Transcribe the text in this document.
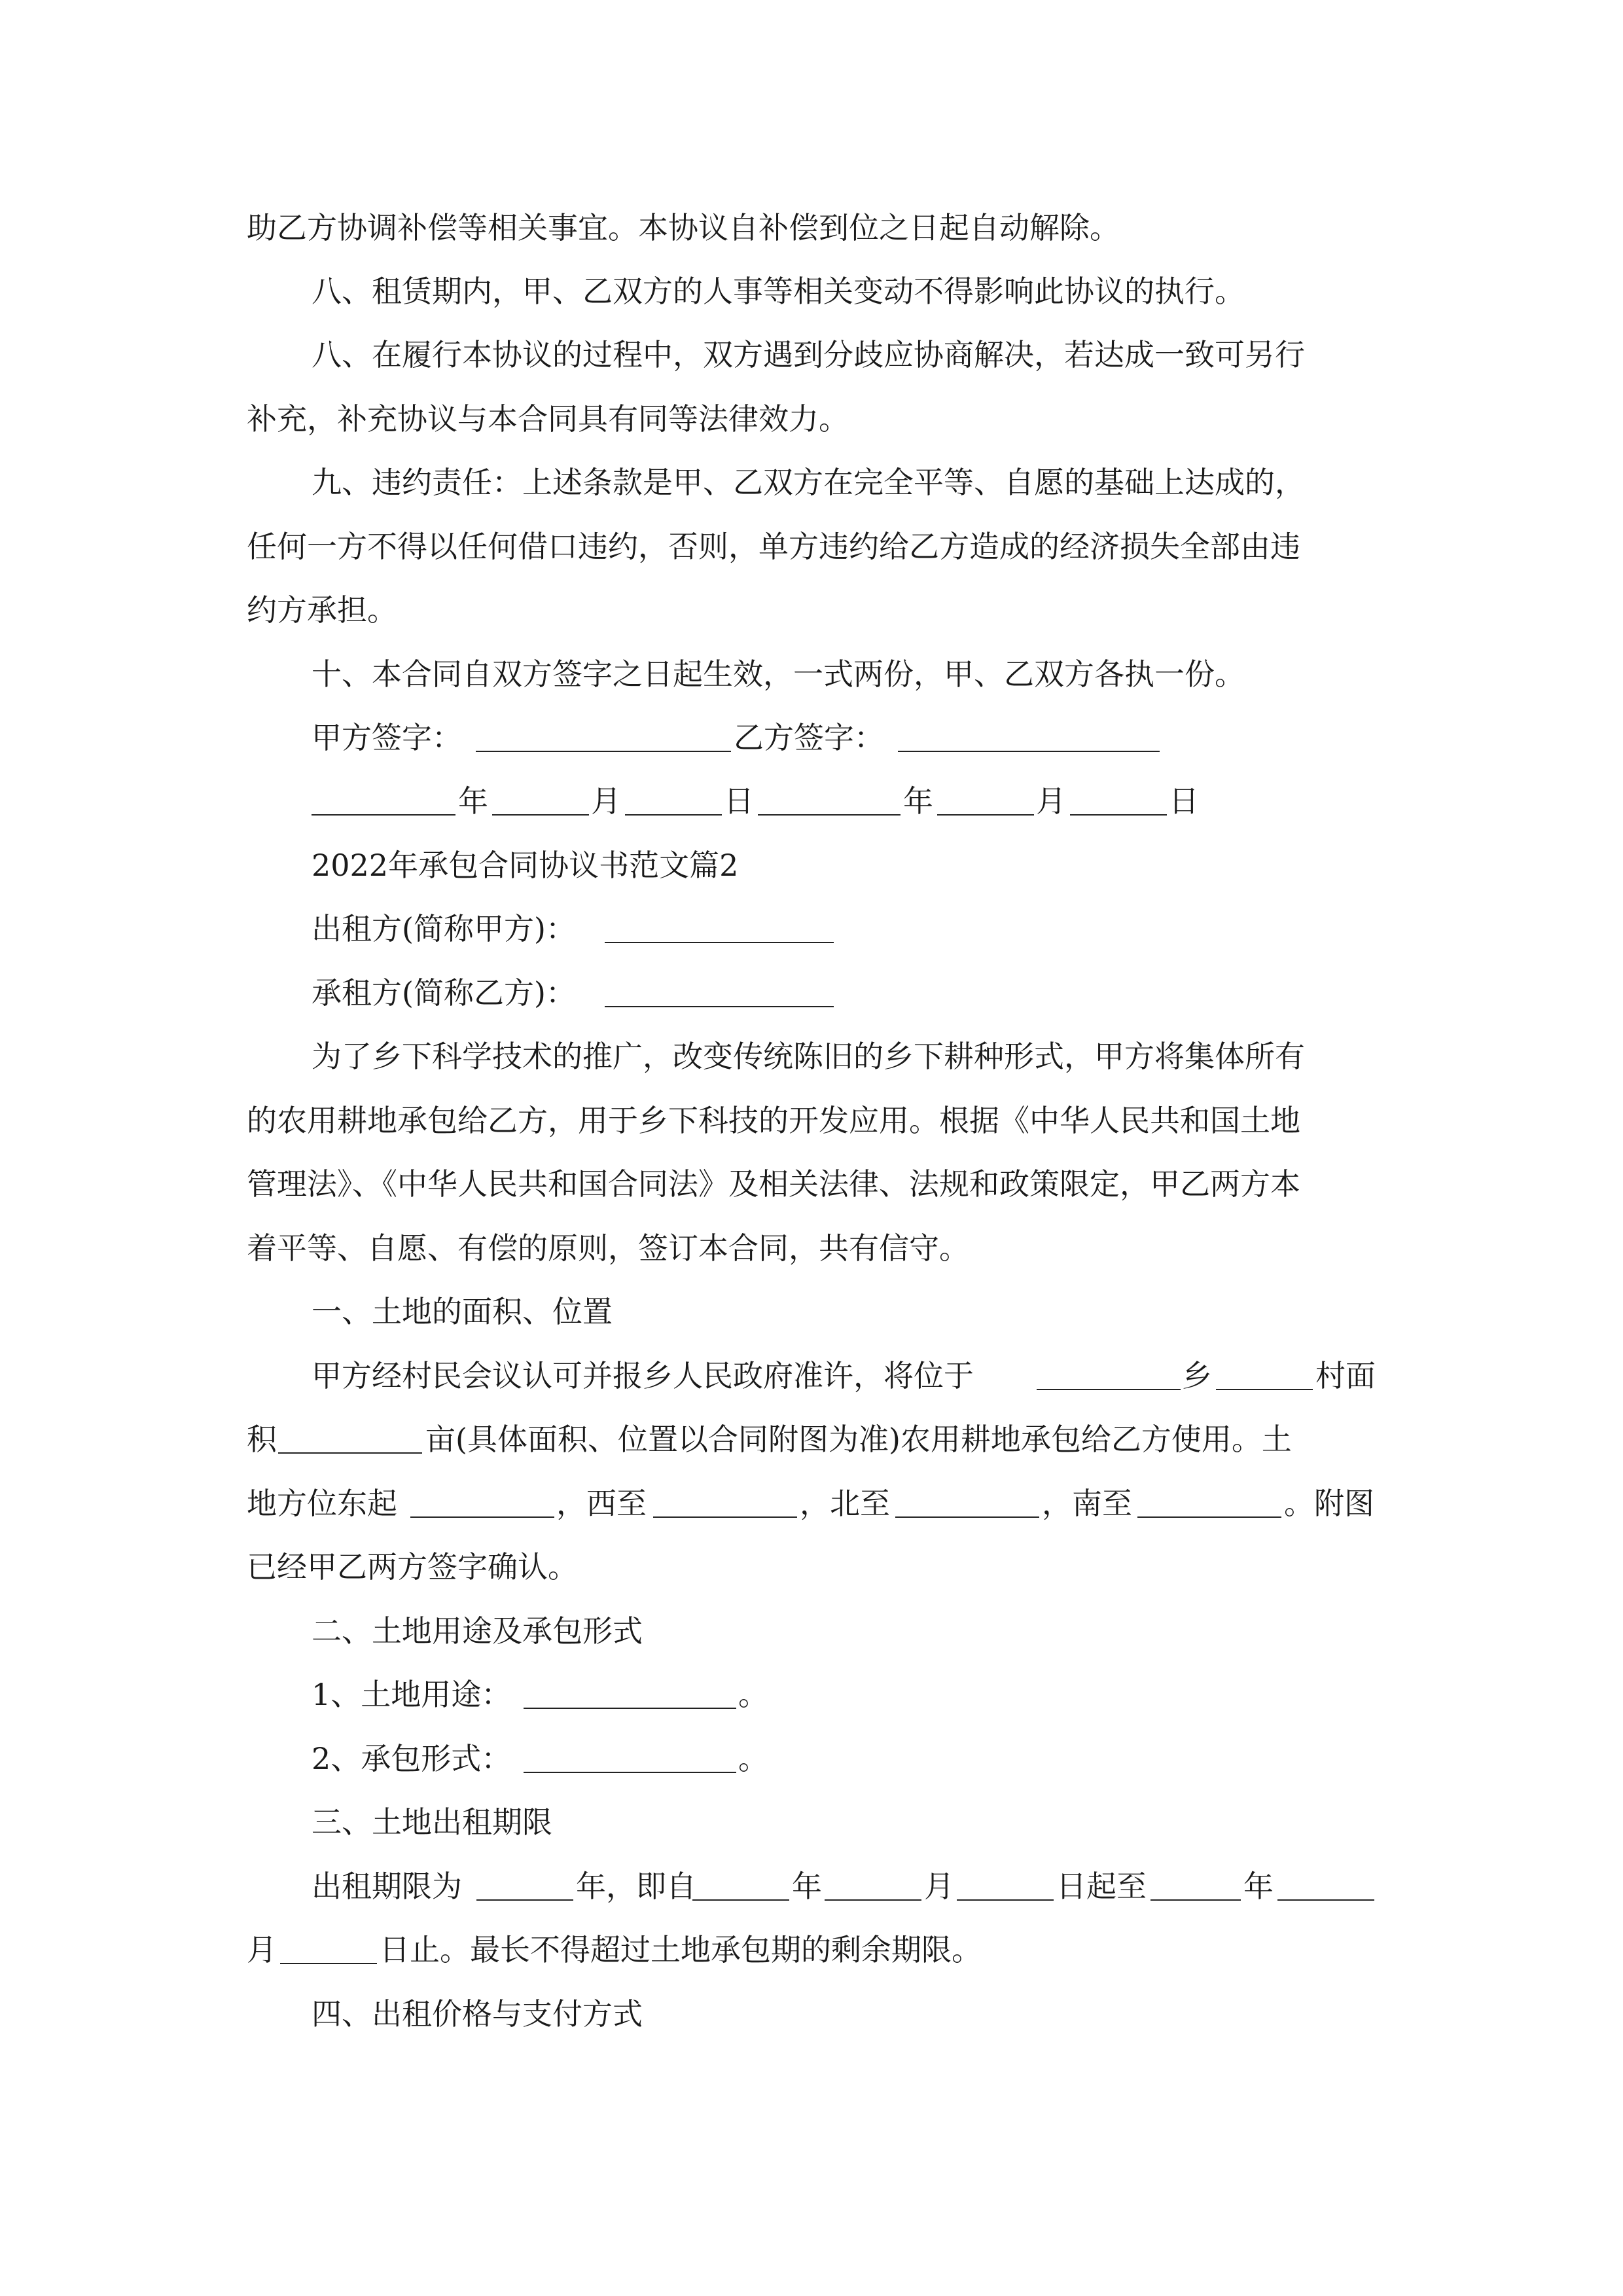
助乙方协调补偿等相关事宜。本协议自补偿到位之日起自动解除。
八、租赁期内，甲、乙双方的人事等相关变动不得影响此协议的执行。
八、在履行本协议的过程中，双方遇到分歧应协商解决，若达成一致可另行
补充，补充协议与本合同具有同等法律效力。
九、违约责任：上述条款是甲、乙双方在完全平等、自愿的基础上达成的，
任何一方不得以任何借口违约，否则，单方违约给乙方造成的经济损失全部由违
约方承担。
十、本合同自双方签字之日起生效，一式两份，甲、乙双方各执一份。
甲方签字：	乙方签字：
年	月	日	年	月	日
2022年承包合同协议书范文篇2
出租方(简称甲方)：
承租方(简称乙方)：
为了乡下科学技术的推广，改变传统陈旧的乡下耕种形式，甲方将集体所有
的农用耕地承包给乙方，用于乡下科技的开发应用。根据《中华人民共和国土地
管理法》、《中华人民共和国合同法》及相关法律、法规和政策限定，甲乙两方本
着平等、自愿、有偿的原则，签订本合同，共有信守。
一、土地的面积、位置
甲方经村民会议认可并报乡人民政府准许，将位于	乡	村面
积	亩(具体面积、位置以合同附图为准)农用耕地承包给乙方使用。土
地方位东起	，西至	，北至	，南至	。附图
已经甲乙两方签字确认。
二、土地用途及承包形式
1、土地用途：	。
2、承包形式：	。
三、土地出租期限
出租期限为	年，即自	年	月	日起至	年
月	日止。最长不得超过土地承包期的剩余期限。
四、出租价格与支付方式
